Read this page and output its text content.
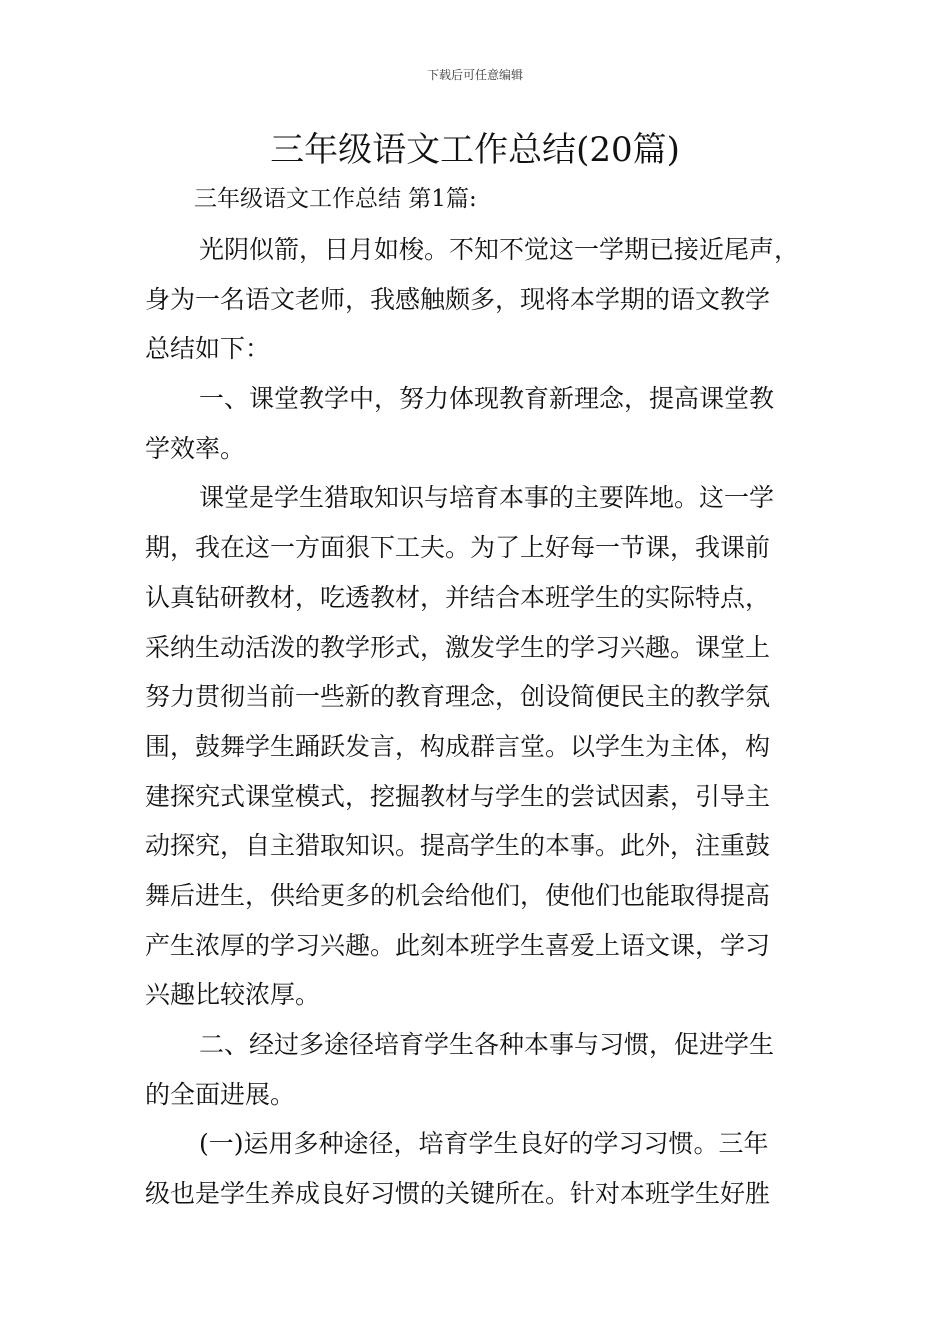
下载后可任意编辑
三年级语文工作总结(20篇)
三年级语文工作总结 第1篇:
光阴似箭，日月如梭。不知不觉这一学期已接近尾声，
身为一名语文老师，我感触颇多，现将本学期的语文教学
总结如下：
一、课堂教学中，努力体现教育新理念，提高课堂教
学效率。
课堂是学生猎取知识与培育本事的主要阵地。这一学
期，我在这一方面狠下工夫。为了上好每一节课，我课前
认真钻研教材，吃透教材，并结合本班学生的实际特点，
采纳生动活泼的教学形式，激发学生的学习兴趣。课堂上
努力贯彻当前一些新的教育理念，创设简便民主的教学氛
围，鼓舞学生踊跃发言，构成群言堂。以学生为主体，构
建探究式课堂模式，挖掘教材与学生的尝试因素，引导主
动探究，自主猎取知识。提高学生的本事。此外，注重鼓
舞后进生，供给更多的机会给他们，使他们也能取得提高
产生浓厚的学习兴趣。此刻本班学生喜爱上语文课，学习
兴趣比较浓厚。
二、经过多途径培育学生各种本事与习惯，促进学生
的全面进展。
(一)运用多种途径，培育学生良好的学习习惯。三年
级也是学生养成良好习惯的关键所在。针对本班学生好胜
